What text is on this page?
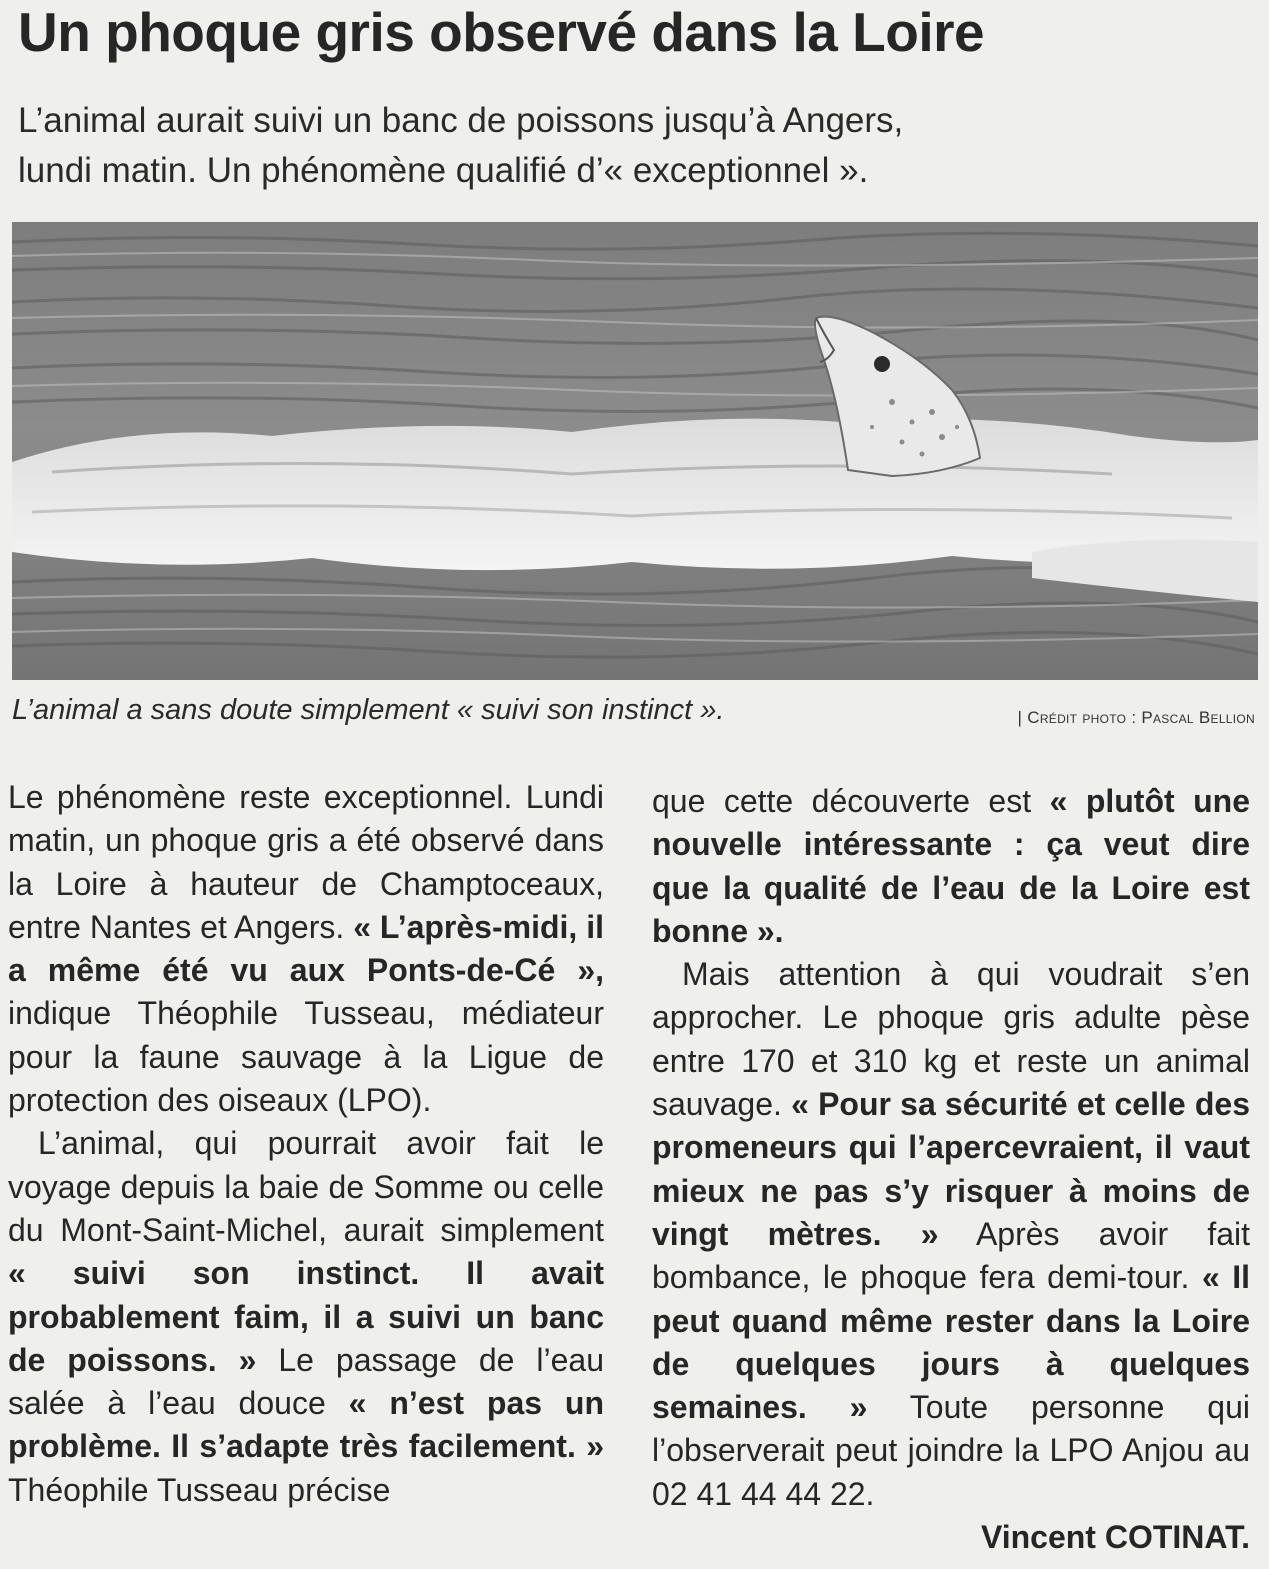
Un phoque gris observé dans la Loire
L’animal aurait suivi un banc de poissons jusqu’à Angers,
lundi matin. Un phénomène qualifié d’« exceptionnel ».
L’animal a sans doute simplement « suivi son instinct ».	| Crédit photo : Pascal Bellion

Le phénomène reste exceptionnel. Lundi matin, un phoque gris a été observé dans la Loire à hauteur de Champtoceaux, entre Nantes et Angers. « L’après-midi, il a même été vu aux Ponts-de-Cé », indique Théophile Tusseau, médiateur pour la faune sauvage à la Ligue de protection des oiseaux (LPO).

L’animal, qui pourrait avoir fait le voyage depuis la baie de Somme ou celle du Mont-Saint-Michel, aurait simplement « suivi son instinct. Il avait probablement faim, il a suivi un banc de poissons. » Le passage de l’eau salée à l’eau douce « n’est pas un problème. Il s’adapte très facilement. » Théophile Tusseau précise

que cette découverte est « plutôt une nouvelle intéressante : ça veut dire que la qualité de l’eau de la Loire est bonne ».

Mais attention à qui voudrait s’en approcher. Le phoque gris adulte pèse entre 170 et 310 kg et reste un animal sauvage. « Pour sa sécurité et celle des promeneurs qui l’apercevraient, il vaut mieux ne pas s’y risquer à moins de vingt mètres. » Après avoir fait bombance, le phoque fera demi-tour. « Il peut quand même rester dans la Loire de quelques jours à quelques semaines. » Toute personne qui l’observerait peut joindre la LPO Anjou au 02 41 44 44 22.

Vincent COTINAT.
